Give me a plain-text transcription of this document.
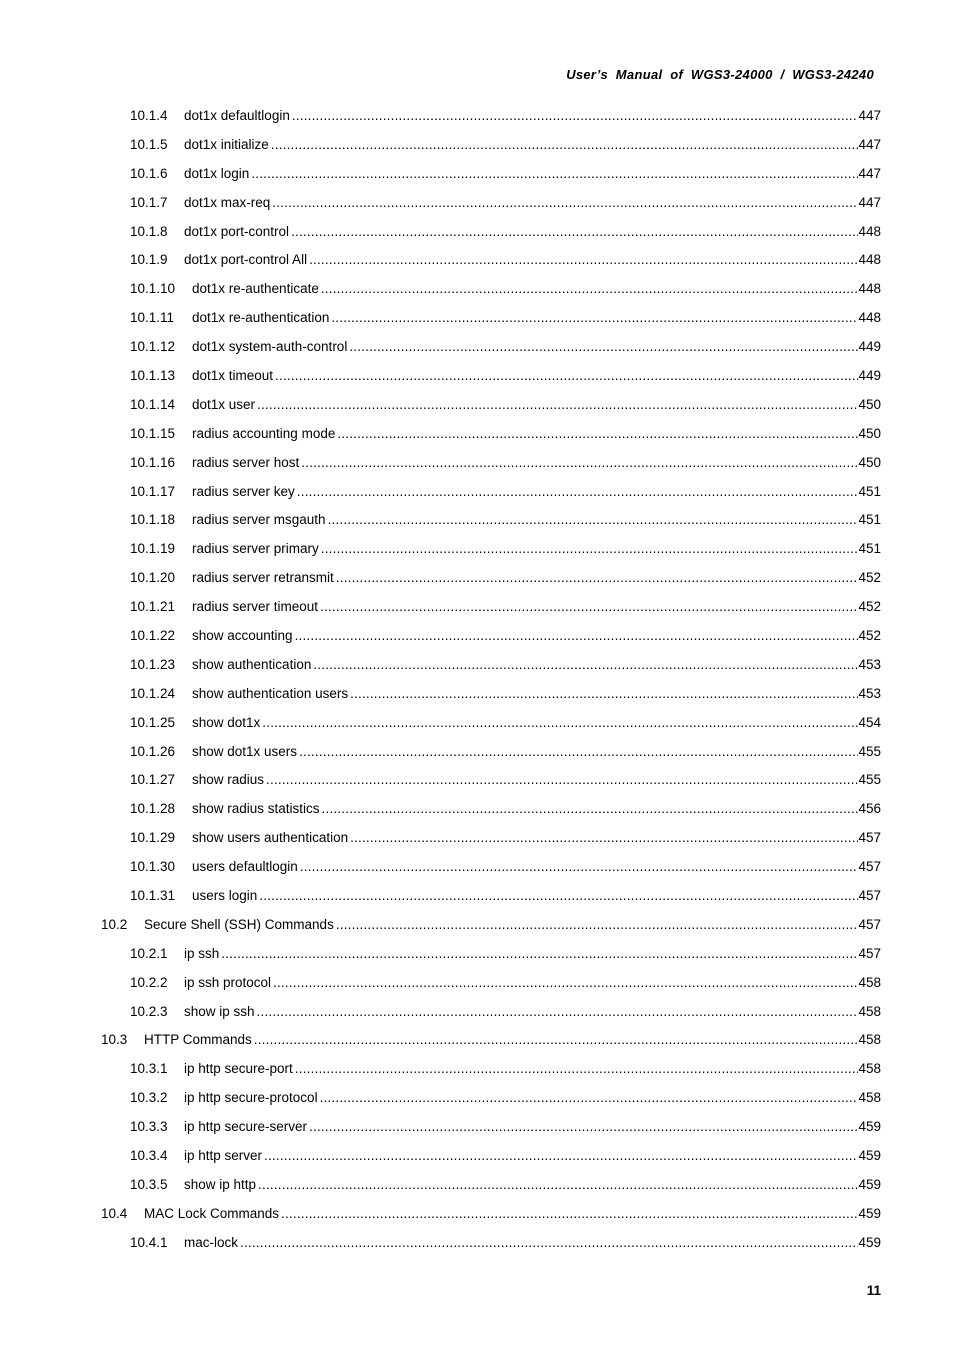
User’s  Manual  of  WGS3-24000  /  WGS3-24240
10.1.4	dot1x defaultlogin .....	447
10.1.5	dot1x initialize .....	447
10.1.6	dot1x login .....	447
10.1.7	dot1x max-req .....	447
10.1.8	dot1x port-control .....	448
10.1.9	dot1x port-control All .....	448
10.1.10	dot1x re-authenticate .....	448
10.1.11	dot1x re-authentication .....	448
10.1.12	dot1x system-auth-control .....	449
10.1.13	dot1x timeout .....	449
10.1.14	dot1x user .....	450
10.1.15	radius accounting mode .....	450
10.1.16	radius server host .....	450
10.1.17	radius server key .....	451
10.1.18	radius server msgauth .....	451
10.1.19	radius server primary .....	451
10.1.20	radius server retransmit .....	452
10.1.21	radius server timeout .....	452
10.1.22	show accounting .....	452
10.1.23	show authentication .....	453
10.1.24	show authentication users .....	453
10.1.25	show dot1x .....	454
10.1.26	show dot1x users .....	455
10.1.27	show radius .....	455
10.1.28	show radius statistics .....	456
10.1.29	show users authentication .....	457
10.1.30	users defaultlogin .....	457
10.1.31	users login .....	457
10.2	Secure Shell (SSH) Commands .....	457
10.2.1	ip ssh .....	457
10.2.2	ip ssh protocol .....	458
10.2.3	show ip ssh .....	458
10.3	HTTP Commands .....	458
10.3.1	ip http secure-port .....	458
10.3.2	ip http secure-protocol .....	458
10.3.3	ip http secure-server .....	459
10.3.4	ip http server .....	459
10.3.5	show ip http .....	459
10.4	MAC Lock Commands .....	459
10.4.1	mac-lock .....	459
11
